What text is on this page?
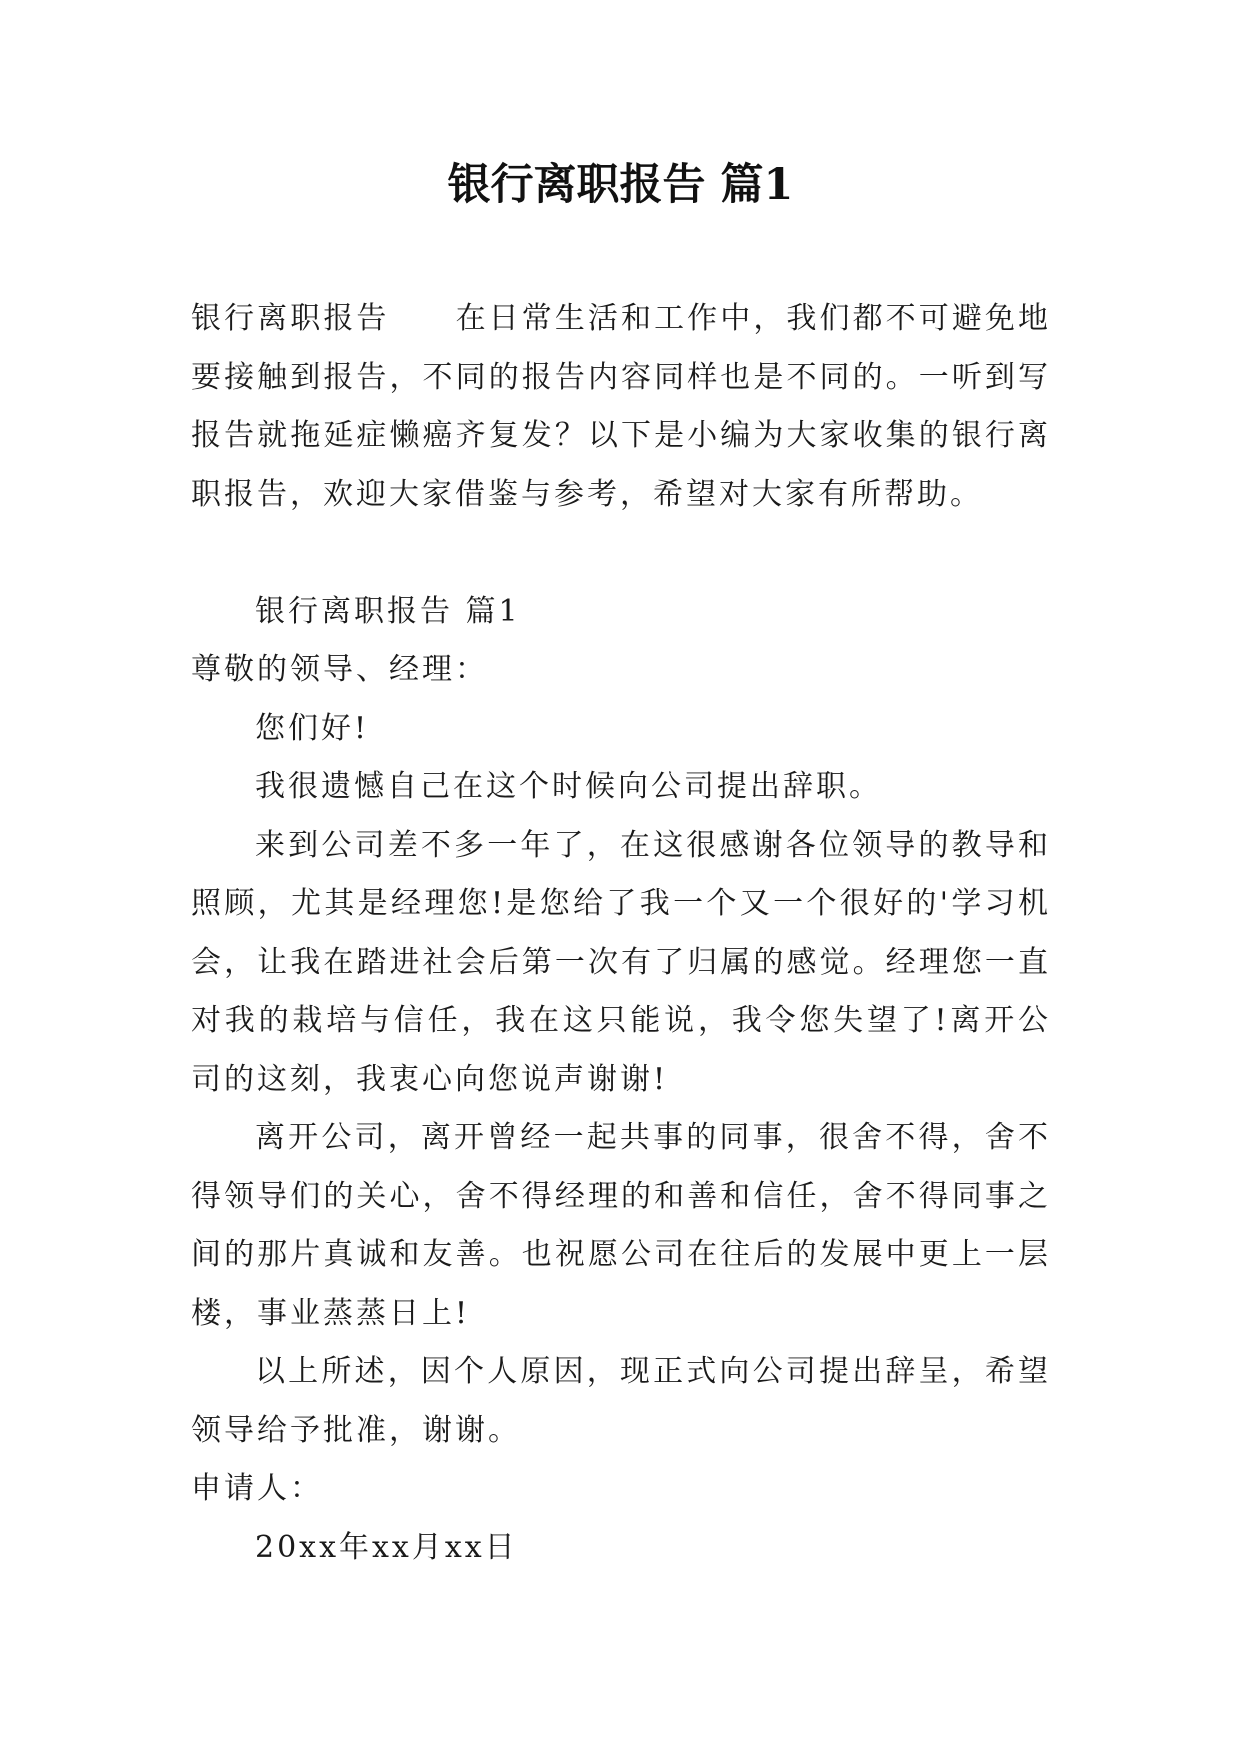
银行离职报告 篇1

银行离职报告 在日常生活和工作中，我们都不可避免地要接触到报告，不同的报告内容同样也是不同的。一听到写报告就拖延症懒癌齐复发？以下是小编为大家收集的银行离职报告，欢迎大家借鉴与参考，希望对大家有所帮助。

银行离职报告 篇1

尊敬的领导、经理：

您们好!

我很遗憾自己在这个时候向公司提出辞职。

来到公司差不多一年了，在这很感谢各位领导的教导和照顾，尤其是经理您!是您给了我一个又一个很好的'学习机会，让我在踏进社会后第一次有了归属的感觉。经理您一直对我的栽培与信任，我在这只能说，我令您失望了!离开公司的这刻，我衷心向您说声谢谢!

离开公司，离开曾经一起共事的同事，很舍不得，舍不得领导们的关心，舍不得经理的和善和信任，舍不得同事之间的那片真诚和友善。也祝愿公司在往后的发展中更上一层楼，事业蒸蒸日上!

以上所述，因个人原因，现正式向公司提出辞呈，希望领导给予批准，谢谢。

申请人：

20xx年xx月xx日
